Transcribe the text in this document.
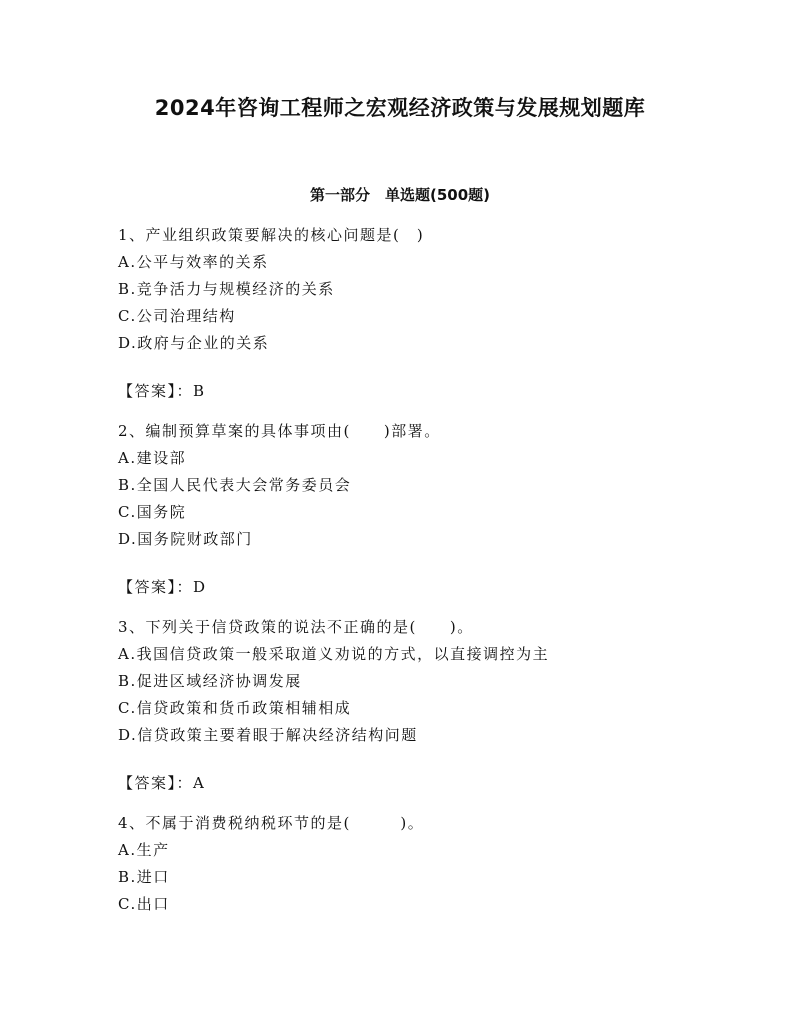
2024年咨询工程师之宏观经济政策与发展规划题库
第一部分　单选题(500题)
1、产业组织政策要解决的核心问题是(　)
A.公平与效率的关系
B.竞争活力与规模经济的关系
C.公司治理结构
D.政府与企业的关系
【答案】：B
2、编制预算草案的具体事项由(　　)部署。
A.建设部
B.全国人民代表大会常务委员会
C.国务院
D.国务院财政部门
【答案】：D
3、下列关于信贷政策的说法不正确的是(　　)。
A.我国信贷政策一般采取道义劝说的方式，以直接调控为主
B.促进区域经济协调发展
C.信贷政策和货币政策相辅相成
D.信贷政策主要着眼于解决经济结构问题
【答案】：A
4、不属于消费税纳税环节的是(　　　)。
A.生产
B.进口
C.出口
